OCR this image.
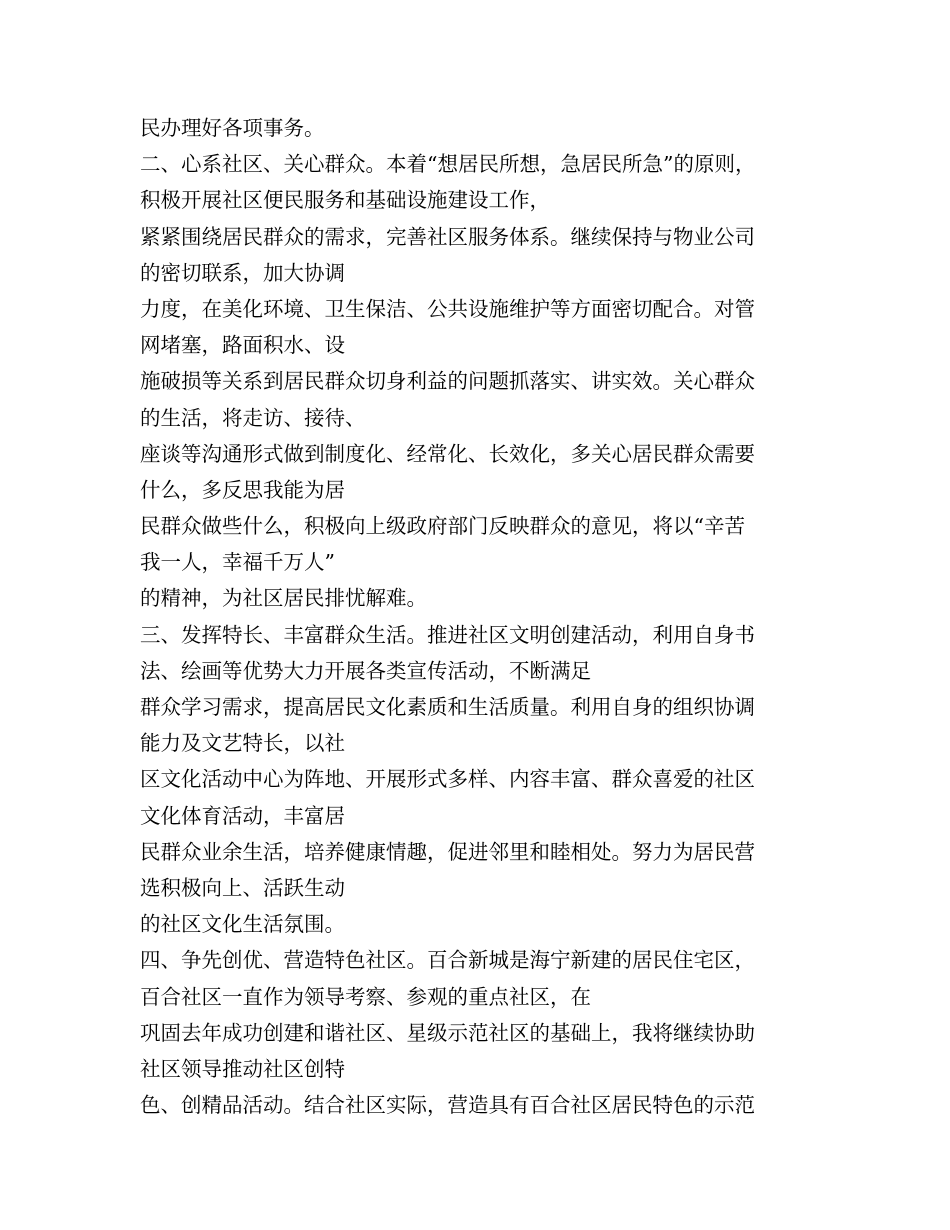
民办理好各项事务。
二、心系社区、关心群众。本着“想居民所想，急居民所急”的原则，
积极开展社区便民服务和基础设施建设工作，
紧紧围绕居民群众的需求，完善社区服务体系。继续保持与物业公司
的密切联系，加大协调
力度，在美化环境、卫生保洁、公共设施维护等方面密切配合。对管
网堵塞，路面积水、设
施破损等关系到居民群众切身利益的问题抓落实、讲实效。关心群众
的生活，将走访、接待、
座谈等沟通形式做到制度化、经常化、长效化，多关心居民群众需要
什么，多反思我能为居
民群众做些什么，积极向上级政府部门反映群众的意见，将以“辛苦
我一人，幸福千万人”
的精神，为社区居民排忧解难。
三、发挥特长、丰富群众生活。推进社区文明创建活动，利用自身书
法、绘画等优势大力开展各类宣传活动，不断满足
群众学习需求，提高居民文化素质和生活质量。利用自身的组织协调
能力及文艺特长，以社
区文化活动中心为阵地、开展形式多样、内容丰富、群众喜爱的社区
文化体育活动，丰富居
民群众业余生活，培养健康情趣，促进邻里和睦相处。努力为居民营
选积极向上、活跃生动
的社区文化生活氛围。
四、争先创优、营造特色社区。百合新城是海宁新建的居民住宅区，
百合社区一直作为领导考察、参观的重点社区，在
巩固去年成功创建和谐社区、星级示范社区的基础上，我将继续协助
社区领导推动社区创特
色、创精品活动。结合社区实际，营造具有百合社区居民特色的示范
